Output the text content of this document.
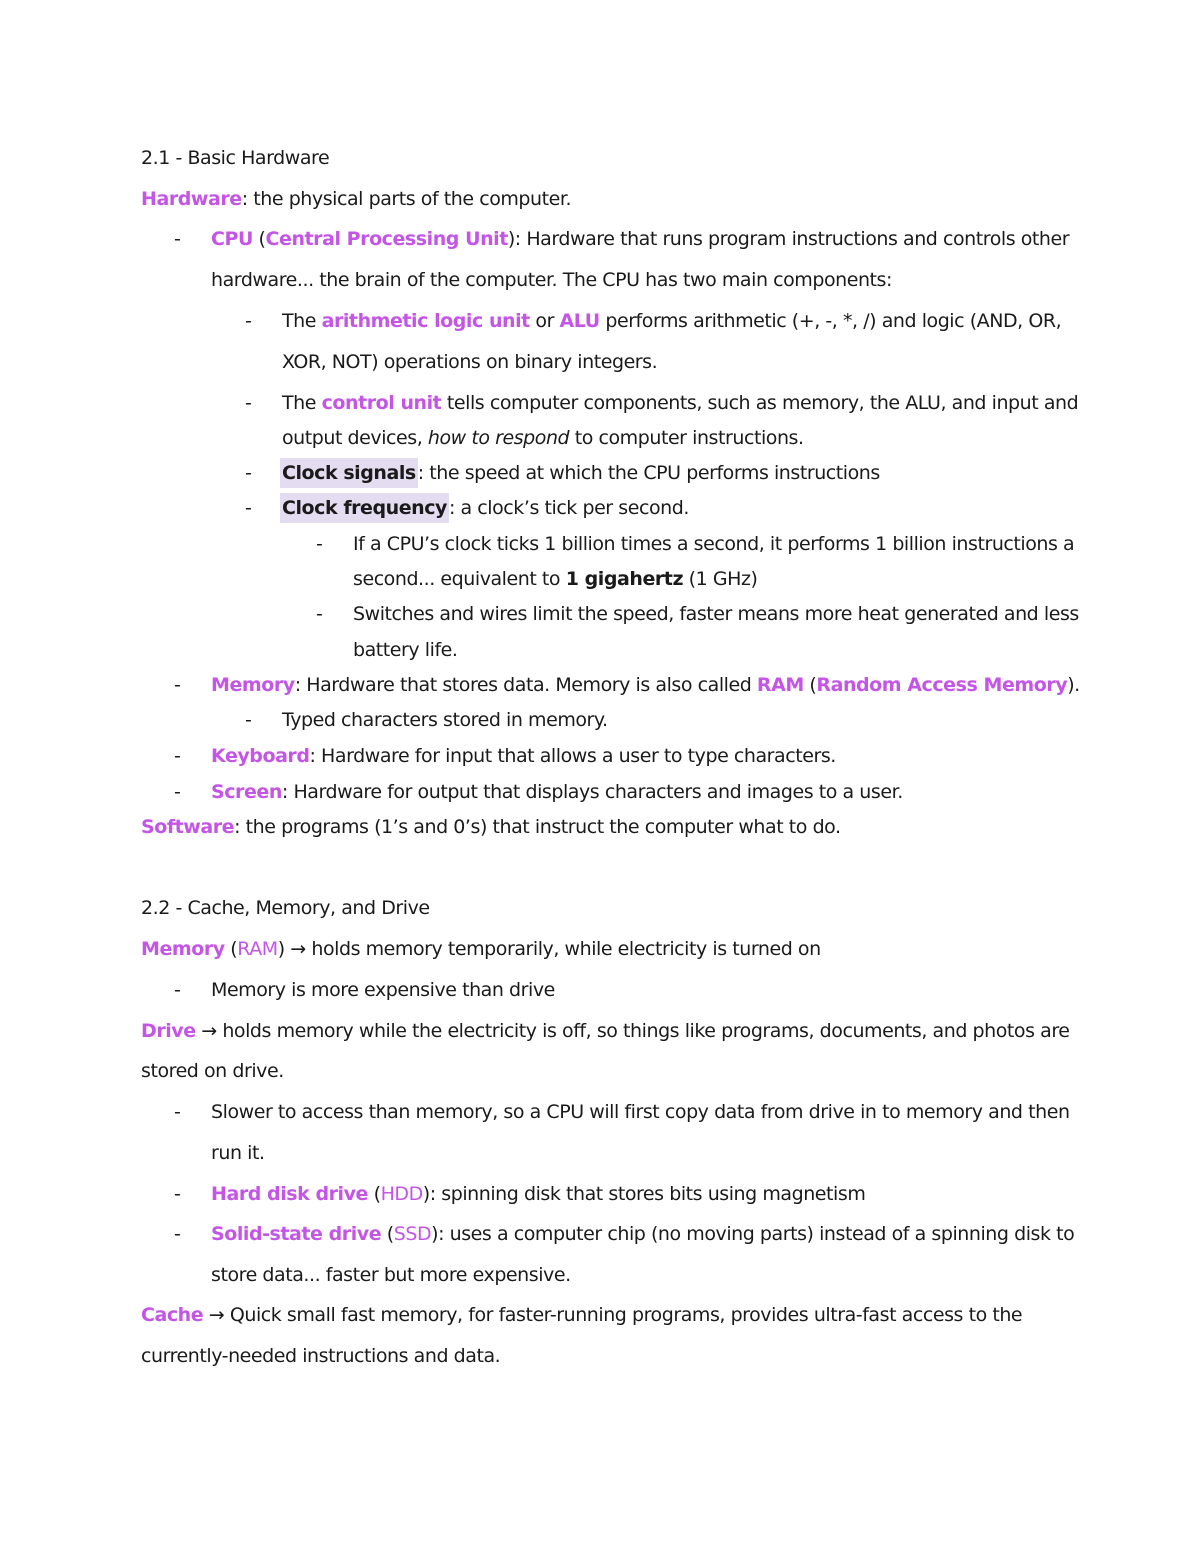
2.1 - Basic Hardware
Hardware: the physical parts of the computer.
- CPU (Central Processing Unit): Hardware that runs program instructions and controls other
hardware... the brain of the computer. The CPU has two main components:
- The arithmetic logic unit or ALU performs arithmetic (+, -, *, /) and logic (AND, OR,
XOR, NOT) operations on binary integers.
- The control unit tells computer components, such as memory, the ALU, and input and
output devices, how to respond to computer instructions.
- Clock signals : the speed at which the CPU performs instructions
- Clock frequency : a clock’s tick per second.
- If a CPU’s clock ticks 1 billion times a second, it performs 1 billion instructions a
second... equivalent to 1 gigahertz (1 GHz)
- Switches and wires limit the speed, faster means more heat generated and less
battery life.
- Memory: Hardware that stores data. Memory is also called RAM (Random Access Memory).
- Typed characters stored in memory.
- Keyboard: Hardware for input that allows a user to type characters.
- Screen: Hardware for output that displays characters and images to a user.
Software: the programs (1’s and 0’s) that instruct the computer what to do.
2.2 - Cache, Memory, and Drive
Memory (RAM) → holds memory temporarily, while electricity is turned on
- Memory is more expensive than drive
Drive → holds memory while the electricity is off, so things like programs, documents, and photos are
stored on drive.
- Slower to access than memory, so a CPU will first copy data from drive in to memory and then
run it.
- Hard disk drive (HDD): spinning disk that stores bits using magnetism
- Solid-state drive (SSD): uses a computer chip (no moving parts) instead of a spinning disk to
store data... faster but more expensive.
Cache → Quick small fast memory, for faster-running programs, provides ultra-fast access to the
currently-needed instructions and data.
